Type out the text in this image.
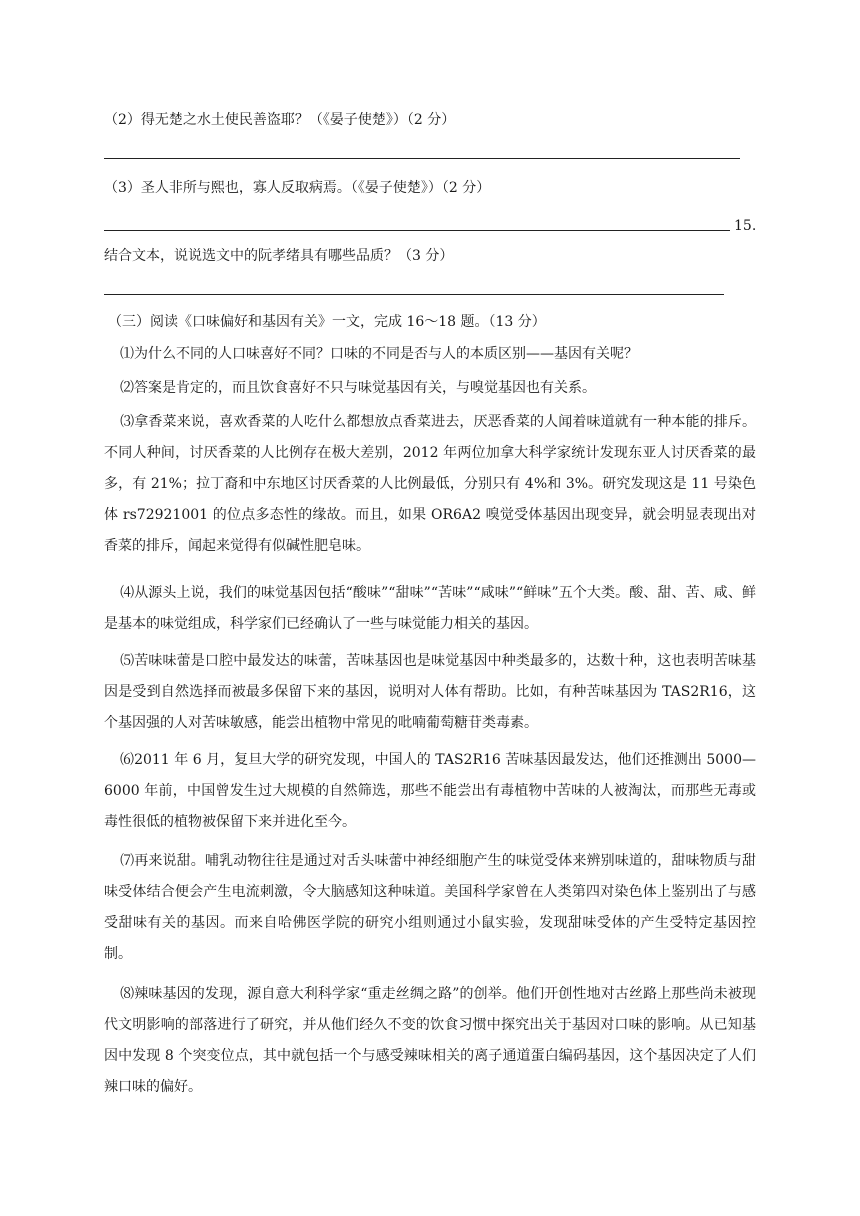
（2）得无楚之水土使民善盗耶？（《晏子使楚》）（2 分）
（3）圣人非所与熙也，寡人反取病焉。（《晏子使楚》）（2 分）
15.
结合文本，说说选文中的阮孝绪具有哪些品质？（3 分）
（三）阅读《口味偏好和基因有关》一文，完成 16～18 题。（13 分）
⑴为什么不同的人口味喜好不同？口味的不同是否与人的本质区别——基因有关呢？
⑵答案是肯定的，而且饮食喜好不只与味觉基因有关，与嗅觉基因也有关系。
⑶拿香菜来说，喜欢香菜的人吃什么都想放点香菜进去，厌恶香菜的人闻着味道就有一种本能的排斥。不同人种间，讨厌香菜的人比例存在极大差别，2012 年两位加拿大科学家统计发现东亚人讨厌香菜的最多，有 21%；拉丁裔和中东地区讨厌香菜的人比例最低，分别只有 4%和 3%。研究发现这是 11 号染色体 rs72921001 的位点多态性的缘故。而且，如果 OR6A2 嗅觉受体基因出现变异，就会明显表现出对香菜的排斥，闻起来觉得有似碱性肥皂味。
⑷从源头上说，我们的味觉基因包括“酸味”“甜味”“苦味”“咸味”“鲜味”五个大类。酸、甜、苦、咸、鲜是基本的味觉组成，科学家们已经确认了一些与味觉能力相关的基因。
⑸苦味味蕾是口腔中最发达的味蕾，苦味基因也是味觉基因中种类最多的，达数十种，这也表明苦味基因是受到自然选择而被最多保留下来的基因，说明对人体有帮助。比如，有种苦味基因为 TAS2R16，这个基因强的人对苦味敏感，能尝出植物中常见的吡喃葡萄糖苷类毒素。
⑹2011 年 6 月，复旦大学的研究发现，中国人的 TAS2R16 苦味基因最发达，他们还推测出 5000—6000 年前，中国曾发生过大规模的自然筛选，那些不能尝出有毒植物中苦味的人被淘汰，而那些无毒或毒性很低的植物被保留下来并进化至今。
⑺再来说甜。哺乳动物往往是通过对舌头味蕾中神经细胞产生的味觉受体来辨别味道的，甜味物质与甜味受体结合便会产生电流刺激，令大脑感知这种味道。美国科学家曾在人类第四对染色体上鉴别出了与感受甜味有关的基因。而来自哈佛医学院的研究小组则通过小鼠实验，发现甜味受体的产生受特定基因控制。
⑻辣味基因的发现，源自意大利科学家“重走丝绸之路”的创举。他们开创性地对古丝路上那些尚未被现代文明影响的部落进行了研究，并从他们经久不变的饮食习惯中探究出关于基因对口味的影响。从已知基因中发现 8 个突变位点，其中就包括一个与感受辣味相关的离子通道蛋白编码基因，这个基因决定了人们辣口味的偏好。
